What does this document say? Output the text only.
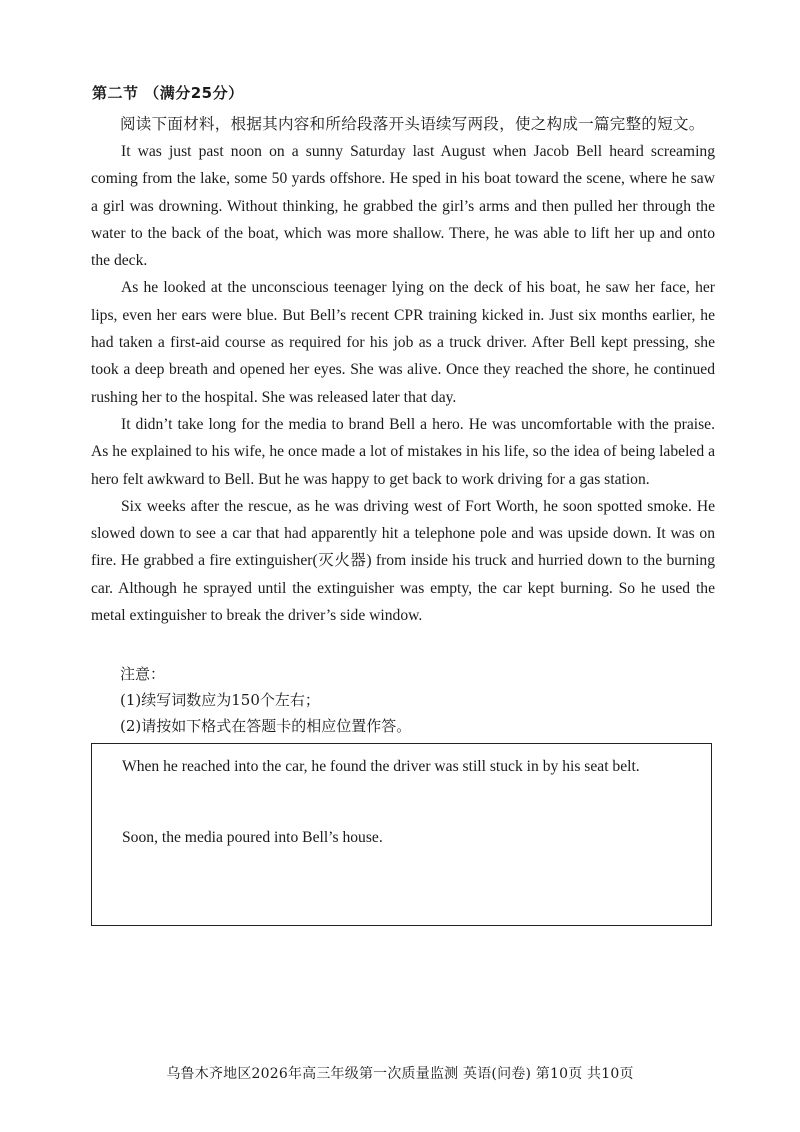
第二节 （满分25分）
阅读下面材料，根据其内容和所给段落开头语续写两段，使之构成一篇完整的短文。

It was just past noon on a sunny Saturday last August when Jacob Bell heard screaming coming from the lake, some 50 yards offshore. He sped in his boat toward the scene, where he saw a girl was drowning. Without thinking, he grabbed the girl’s arms and then pulled her through the water to the back of the boat, which was more shallow. There, he was able to lift her up and onto the deck.

As he looked at the unconscious teenager lying on the deck of his boat, he saw her face, her lips, even her ears were blue. But Bell’s recent CPR training kicked in. Just six months earlier, he had taken a first-aid course as required for his job as a truck driver. After Bell kept pressing, she took a deep breath and opened her eyes. She was alive. Once they reached the shore, he continued rushing her to the hospital. She was released later that day.

It didn’t take long for the media to brand Bell a hero. He was uncomfortable with the praise. As he explained to his wife, he once made a lot of mistakes in his life, so the idea of being labeled a hero felt awkward to Bell. But he was happy to get back to work driving for a gas station.

Six weeks after the rescue, as he was driving west of Fort Worth, he soon spotted smoke. He slowed down to see a car that had apparently hit a telephone pole and was upside down. It was on fire. He grabbed a fire extinguisher(灭火器) from inside his truck and hurried down to the burning car. Although he sprayed until the extinguisher was empty, the car kept burning. So he used the metal extinguisher to break the driver’s side window.

注意：
(1)续写词数应为150个左右；
(2)请按如下格式在答题卡的相应位置作答。
When he reached into the car, he found the driver was still stuck in by his seat belt.
Soon, the media poured into Bell’s house.
乌鲁木齐地区2026年高三年级第一次质量监测 英语(问卷) 第10页 共10页
